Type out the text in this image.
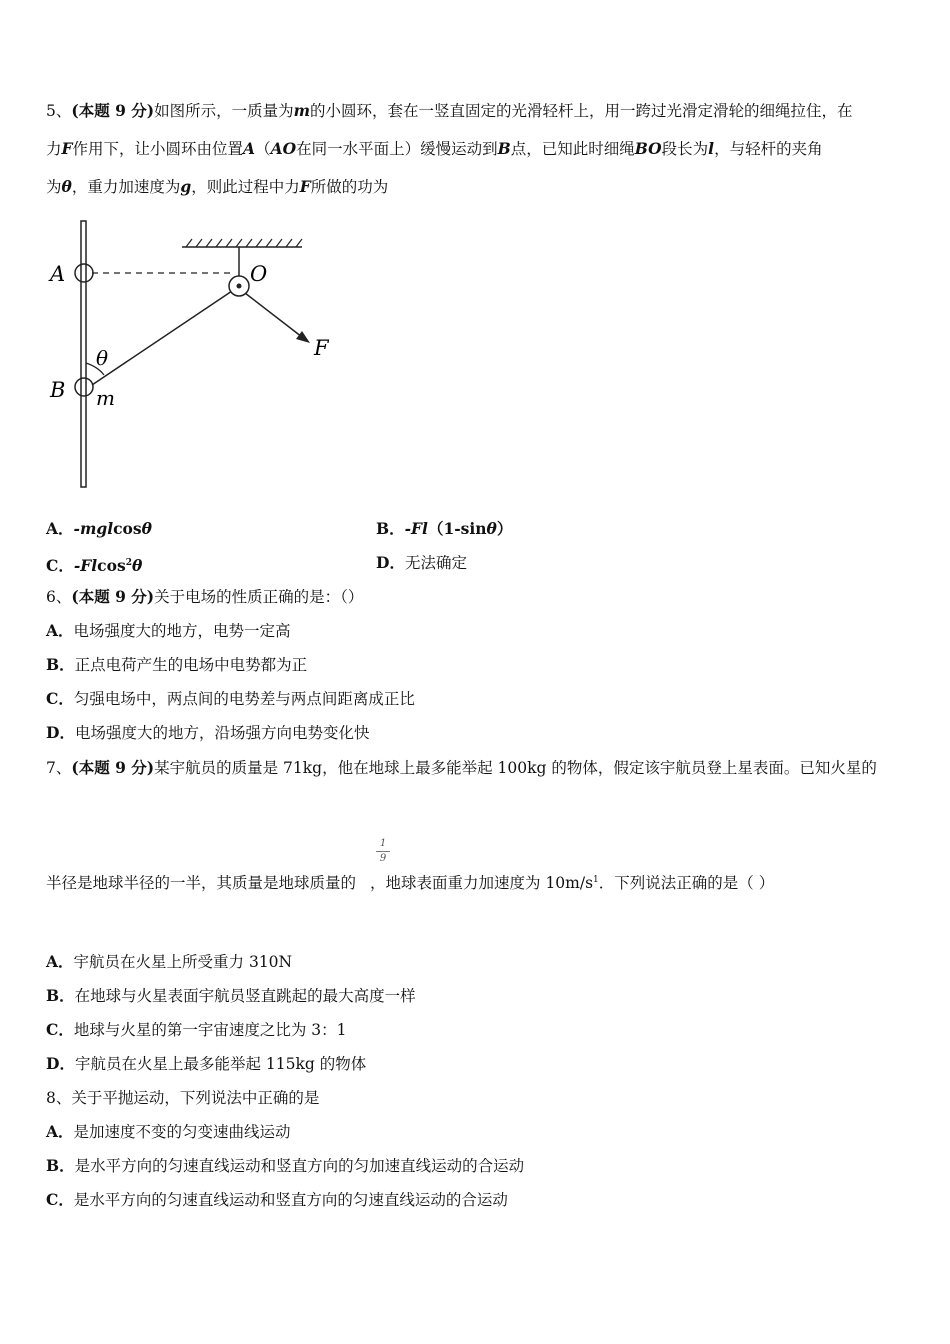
5、(本题 9 分)如图所示，一质量为m的小圆环，套在一竖直固定的光滑轻杆上，用一跨过光滑定滑轮的细绳拉住，在
力F作用下，让小圆环由位置A（AO在同一水平面上）缓慢运动到B点，已知此时细绳BO段长为l，与轻杆的夹角
为θ，重力加速度为g，则此过程中力F所做的功为
A	O
F
θ
B m
A．-mglcosθ	B．-Fl（1-sinθ）
C．-Flcos$^2$θ	D．无法确定
6、(本题 9 分)关于电场的性质正确的是：（）
A．电场强度大的地方，电势一定高
B．正点电荷产生的电场中电势都为正
C．匀强电场中，两点间的电势差与两点间距离成正比
D．电场强度大的地方，沿场强方向电势变化快
7、(本题 9 分)某宇航员的质量是 71kg，他在地球上最多能举起 100kg 的物体，假定该宇航员登上星表面。已知火星的
1
9
半径是地球半径的一半，其质量是地球质量的 ，地球表面重力加速度为 $10m/s^1$．下列说法正确的是（ ）
A．宇航员在火星上所受重力 310N
B．在地球与火星表面宇航员竖直跳起的最大高度一样
C．地球与火星的第一宇宙速度之比为 3：1
D．宇航员在火星上最多能举起 115kg 的物体
8、关于平抛运动，下列说法中正确的是
A．是加速度不变的匀变速曲线运动
B．是水平方向的匀速直线运动和竖直方向的匀加速直线运动的合运动
C．是水平方向的匀速直线运动和竖直方向的匀速直线运动的合运动
